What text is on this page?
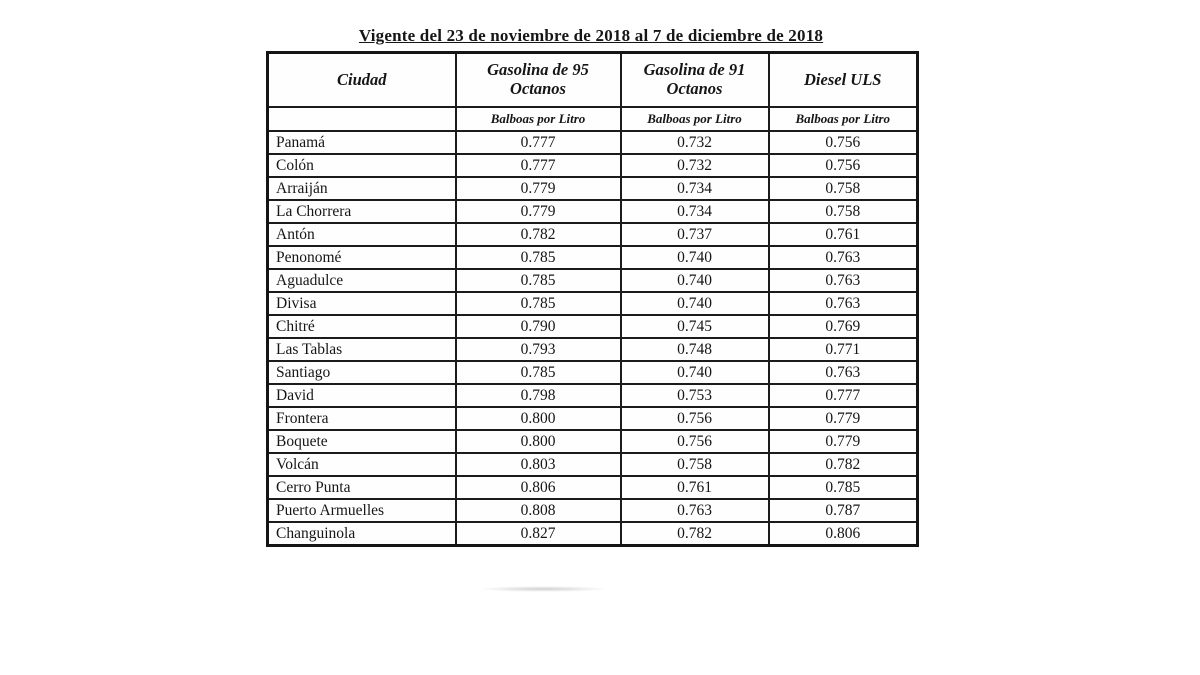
Vigente del 23 de noviembre de 2018 al 7 de diciembre de 2018
Ciudad	Gasolina de 95 Octanos	Gasolina de 91 Octanos	Diesel ULS
	Balboas por Litro	Balboas por Litro	Balboas por Litro
Panamá	0.777	0.732	0.756
Colón	0.777	0.732	0.756
Arraiján	0.779	0.734	0.758
La Chorrera	0.779	0.734	0.758
Antón	0.782	0.737	0.761
Penonomé	0.785	0.740	0.763
Aguadulce	0.785	0.740	0.763
Divisa	0.785	0.740	0.763
Chitré	0.790	0.745	0.769
Las Tablas	0.793	0.748	0.771
Santiago	0.785	0.740	0.763
David	0.798	0.753	0.777
Frontera	0.800	0.756	0.779
Boquete	0.800	0.756	0.779
Volcán	0.803	0.758	0.782
Cerro Punta	0.806	0.761	0.785
Puerto Armuelles	0.808	0.763	0.787
Changuinola	0.827	0.782	0.806
